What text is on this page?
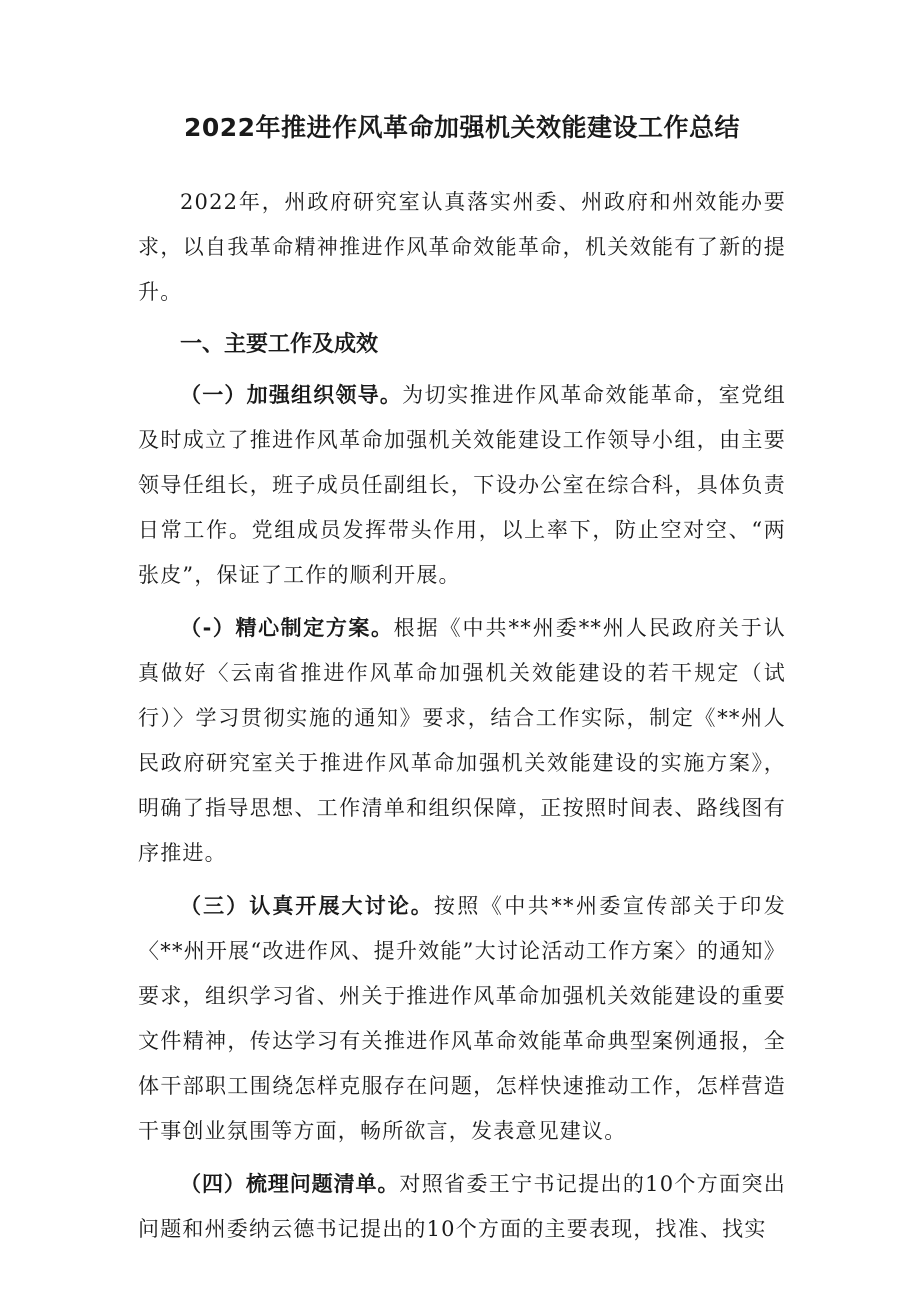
2022年推进作风革命加强机关效能建设工作总结

2022年，州政府研究室认真落实州委、州政府和州效能办要求，以自我革命精神推进作风革命效能革命，机关效能有了新的提升。

一、主要工作及成效

（一）加强组织领导。为切实推进作风革命效能革命，室党组及时成立了推进作风革命加强机关效能建设工作领导小组，由主要领导任组长，班子成员任副组长，下设办公室在综合科，具体负责日常工作。党组成员发挥带头作用，以上率下，防止空对空、“两张皮”，保证了工作的顺利开展。

（-）精心制定方案。根据《中共**州委**州人民政府关于认真做好〈云南省推进作风革命加强机关效能建设的若干规定（试行）〉学习贯彻实施的通知》要求，结合工作实际，制定《**州人民政府研究室关于推进作风革命加强机关效能建设的实施方案》，明确了指导思想、工作清单和组织保障，正按照时间表、路线图有序推进。

（三）认真开展大讨论。按照《中共**州委宣传部关于印发〈**州开展“改进作风、提升效能”大讨论活动工作方案〉的通知》要求，组织学习省、州关于推进作风革命加强机关效能建设的重要文件精神，传达学习有关推进作风革命效能革命典型案例通报，全体干部职工围绕怎样克服存在问题，怎样快速推动工作，怎样营造干事创业氛围等方面，畅所欲言，发表意见建议。

（四）梳理问题清单。对照省委王宁书记提出的10个方面突出问题和州委纳云德书记提出的10个方面的主要表现，找准、找实
